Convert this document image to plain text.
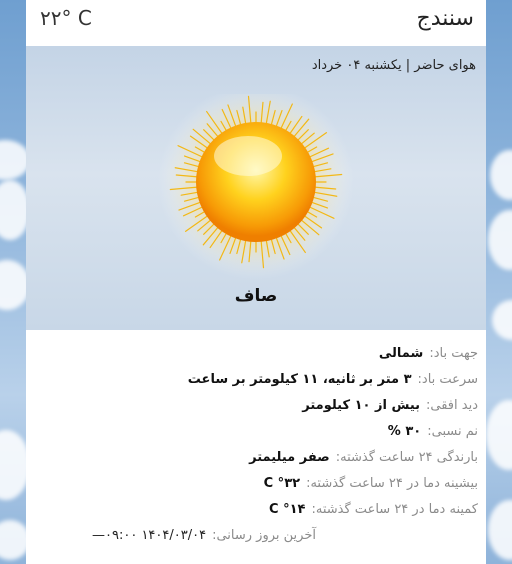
سنندج
۲۲° C
هوای حاضر | یکشنبه ۰۴ خرداد
صاف
جهت باد:شمالی
سرعت باد:۳ متر بر ثانیه، ۱۱ کیلومتر بر ساعت
دید افقی:بیش از ۱۰ کیلومتر
نم نسبی:۳۰ %
بارندگی ۲۴ ساعت گذشته:صفر میلیمتر
بیشینه دما در ۲۴ ساعت گذشته:۳۲° C
کمینه دما در ۲۴ ساعت گذشته:۱۴° C
آخرین بروز رسانی:۱۴۰۴/۰۳/۰۴ ۰۹:۰۰—
